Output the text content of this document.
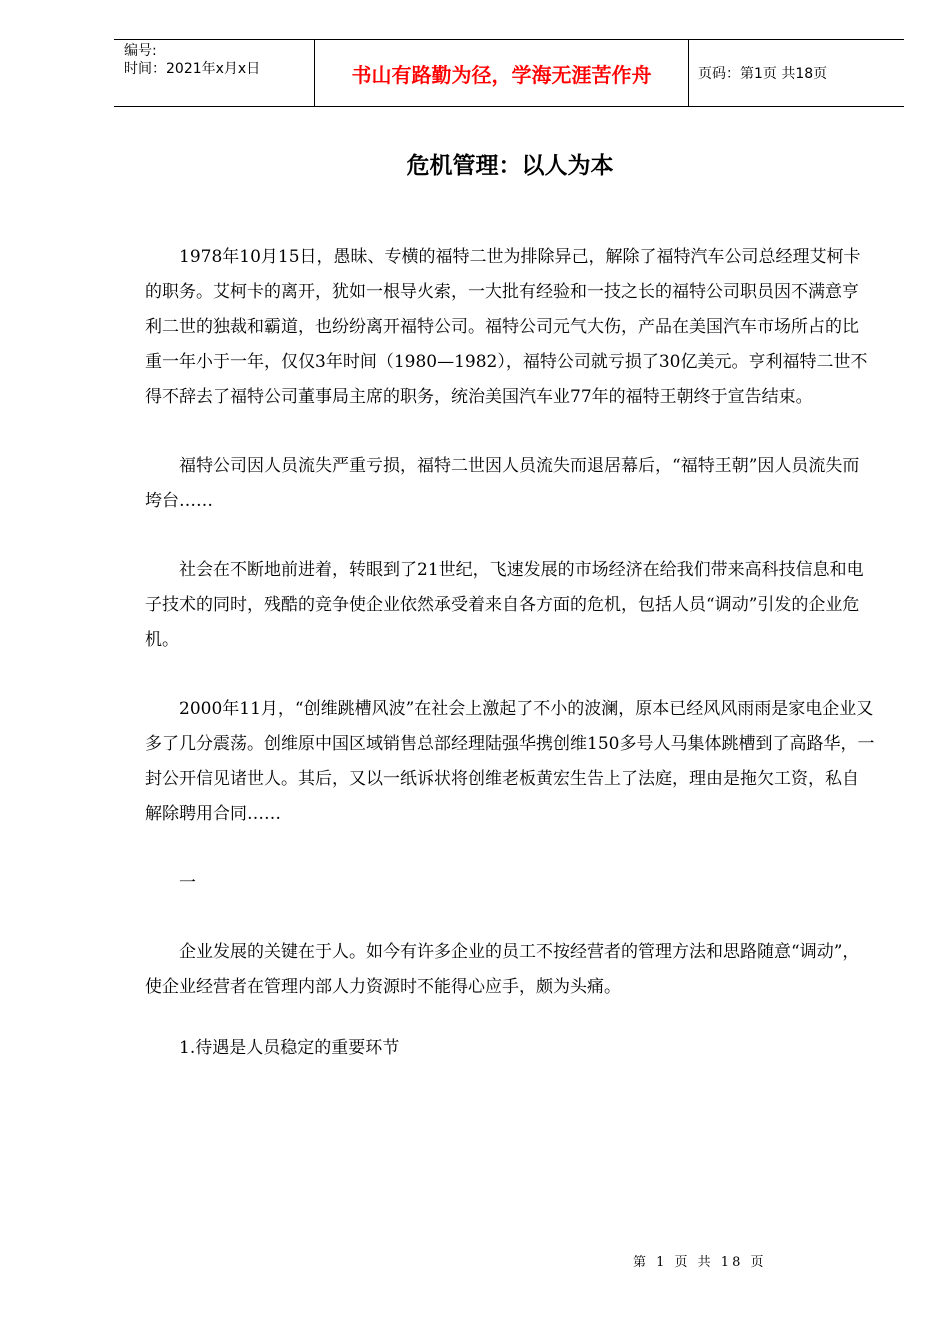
编号:
时间：2021年x月x日	书山有路勤为径，学海无涯苦作舟	页码：第1页 共18页
危机管理：以人为本

1978年10月15日，愚昧、专横的福特二世为排除异己，解除了福特汽车公司总经理艾柯卡的职务。艾柯卡的离开，犹如一根导火索，一大批有经验和一技之长的福特公司职员因不满意亨利二世的独裁和霸道，也纷纷离开福特公司。福特公司元气大伤，产品在美国汽车市场所占的比重一年小于一年，仅仅3年时间（1980—1982），福特公司就亏损了30亿美元。亨利福特二世不得不辞去了福特公司董事局主席的职务，统治美国汽车业77年的福特王朝终于宣告结束。

福特公司因人员流失严重亏损，福特二世因人员流失而退居幕后，“福特王朝”因人员流失而垮台……

社会在不断地前进着，转眼到了21世纪，飞速发展的市场经济在给我们带来高科技信息和电子技术的同时，残酷的竞争使企业依然承受着来自各方面的危机，包括人员“调动”引发的企业危机。

2000年11月，“创维跳槽风波”在社会上激起了不小的波澜，原本已经风风雨雨是家电企业又多了几分震荡。创维原中国区域销售总部经理陆强华携创维150多号人马集体跳槽到了高路华，一封公开信见诸世人。其后，又以一纸诉状将创维老板黄宏生告上了法庭，理由是拖欠工资，私自解除聘用合同……

一

企业发展的关键在于人。如今有许多企业的员工不按经营者的管理方法和思路随意“调动”，使企业经营者在管理内部人力资源时不能得心应手，颇为头痛。

1.待遇是人员稳定的重要环节

第 1 页 共 18 页
